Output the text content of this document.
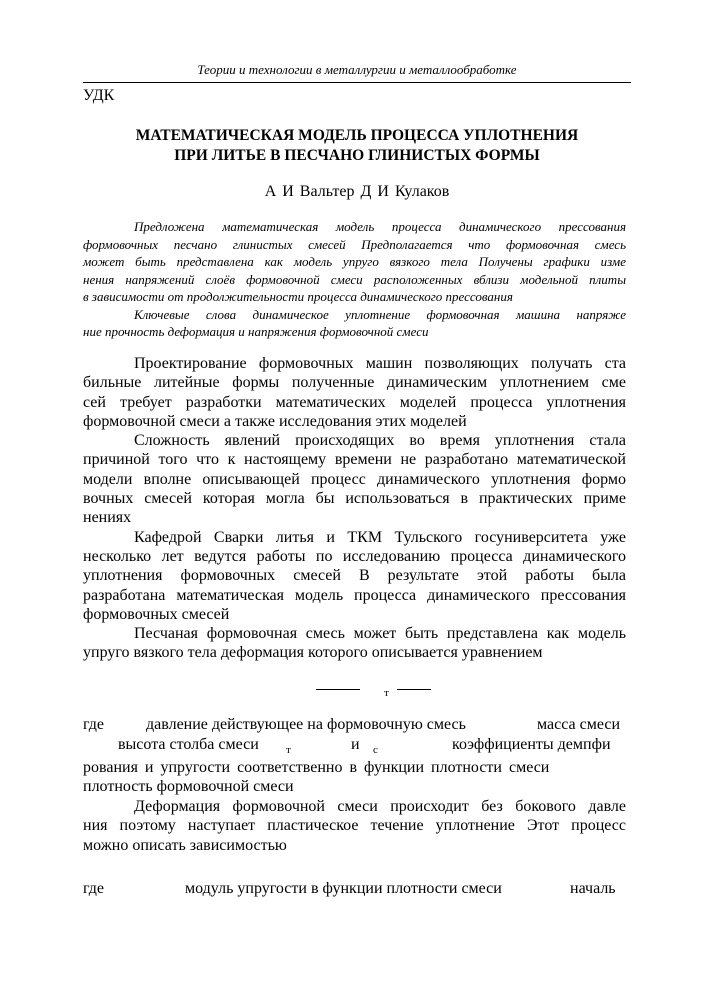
Теории и технологии в металлургии и металлообработке
УДК
МАТЕМАТИЧЕСКАЯ МОДЕЛЬ ПРОЦЕССА УПЛОТНЕНИЯ
ПРИ ЛИТЬЕ В ПЕСЧАНО ГЛИНИСТЫХ ФОРМЫ
А И Вальтер Д И Кулаков
Предложена математическая модель процесса динамического прессования
формовочных песчано глинистых смесей Предполагается что формовочная смесь
может быть представлена как модель упруго вязкого тела Получены графики изме
нения напряжений слоёв формовочной смеси расположенных вблизи модельной плиты
в зависимости от продолжительности процесса динамического прессования
Ключевые слова динамическое уплотнение формовочная машина напряже
ние прочность деформация и напряжения формовочной смеси
Проектирование формовочных машин позволяющих получать ста
бильные литейные формы полученные динамическим уплотнением сме
сей требует разработки математических моделей процесса уплотнения
формовочной смеси а также исследования этих моделей
Сложность явлений происходящих во время уплотнения стала
причиной того что к настоящему времени не разработано математической
модели вполне описывающей процесс динамического уплотнения формо
вочных смесей которая могла бы использоваться в практических приме
нениях
Кафедрой Сварки литья и ТКМ Тульского госуниверситета уже
несколько лет ведутся работы по исследованию процесса динамического
уплотнения формовочных смесей В результате этой работы была
разработана математическая модель процесса динамического прессования
формовочных смесей
Песчаная формовочная смесь может быть представлена как модель
упруго вязкого тела деформация которого описывается уравнением
т
где	давление действующее на формовочную смесь	масса смеси
высота столба смеси т	и с	коэффициенты демпфи
рования и упругости соответственно в функции плотности смеси
плотность формовочной смеси
Деформация формовочной смеси происходит без бокового давле
ния поэтому наступает пластическое течение уплотнение Этот процесс
можно описать зависимостью
где	модуль упругости в функции плотности смеси	началь
